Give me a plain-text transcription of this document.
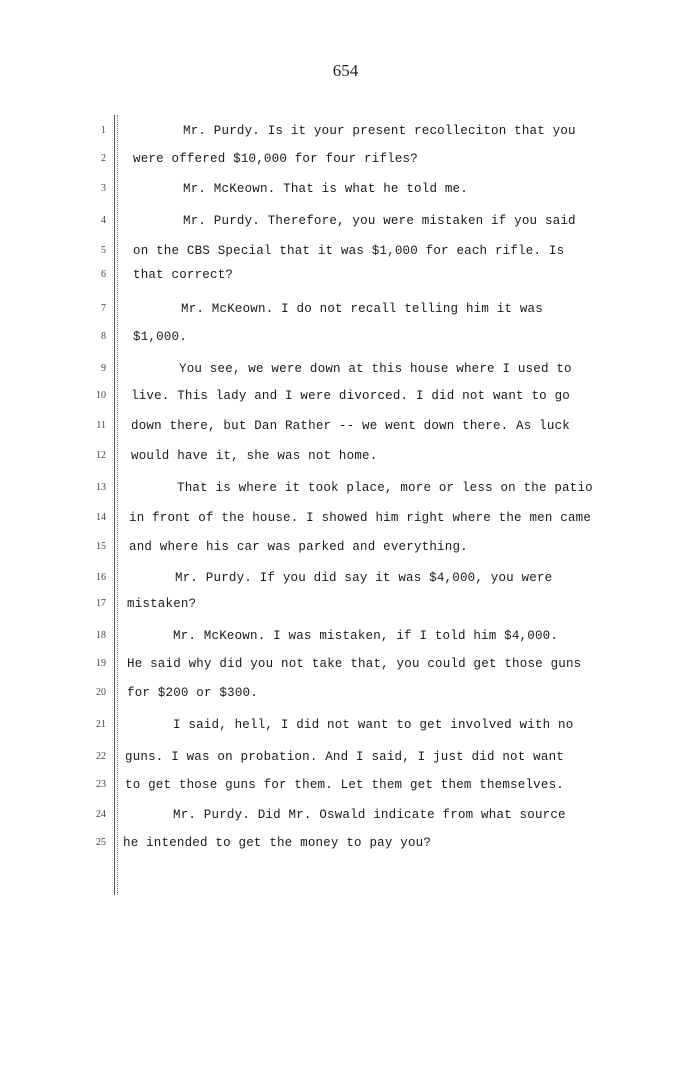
654
1	Mr. Purdy. Is it your present recolleciton that you
2 were offered $10,000 for four rifles?
3	Mr. McKeown. That is what he told me.
4	Mr. Purdy. Therefore, you were mistaken if you said
5 on the CBS Special that it was $1,000 for each rifle. Is
6 that correct?
7	Mr. McKeown. I do not recall telling him it was
8 $1,000.
9	You see, we were down at this house where I used to
10 live. This lady and I were divorced. I did not want to go
11 down there, but Dan Rather -- we went down there. As luck
12 would have it, she was not home.
13	That is where it took place, more or less on the patio
14 in front of the house. I showed him right where the men came
15 and where his car was parked and everything.
16	Mr. Purdy. If you did say it was $4,000, you were
17 mistaken?
18	Mr. McKeown. I was mistaken, if I told him $4,000.
19 He said why did you not take that, you could get those guns
20 for $200 or $300.
21	I said, hell, I did not want to get involved with no
22 guns. I was on probation. And I said, I just did not want
23 to get those guns for them. Let them get them themselves.
24	Mr. Purdy. Did Mr. Oswald indicate from what source
25 he intended to get the money to pay you?
